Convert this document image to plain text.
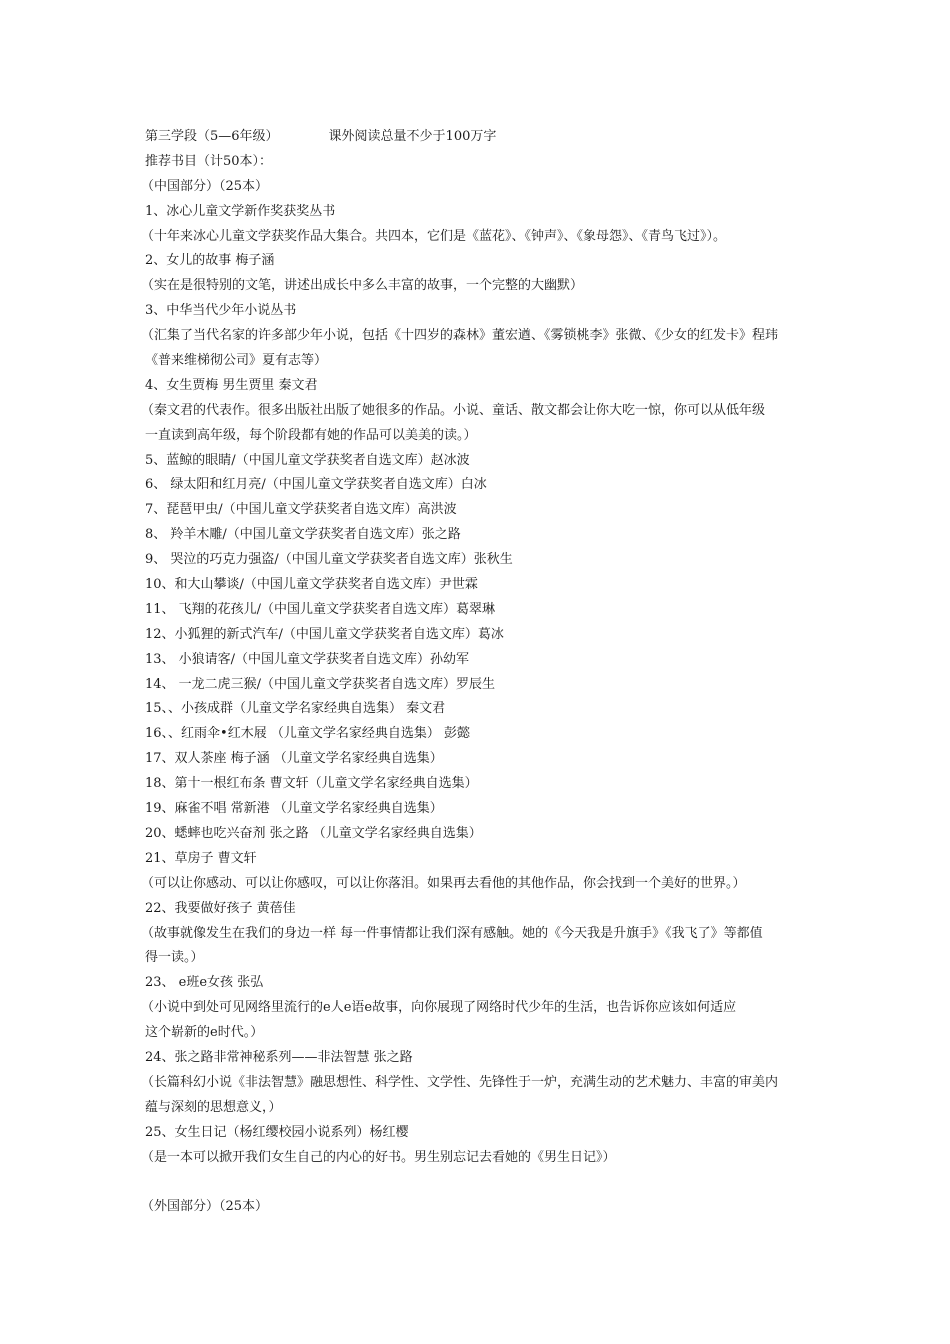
第三学段（5—6年级）	课外阅读总量不少于100万字
推荐书目（计50本）：
（中国部分）（25本）
1、冰心儿童文学新作奖获奖丛书
（十年来冰心儿童文学获奖作品大集合。共四本，它们是《蓝花》、《钟声》、《象母怨》、《青鸟飞过》）。
2、女儿的故事 梅子涵
（实在是很特别的文笔，讲述出成长中多么丰富的故事，一个完整的大幽默）
3、中华当代少年小说丛书
（汇集了当代名家的许多部少年小说，包括《十四岁的森林》董宏遒、《雾锁桃李》张微、《少女的红发卡》程玮
《普来维梯彻公司》夏有志等）
4、女生贾梅 男生贾里 秦文君
（秦文君的代表作。很多出版社出版了她很多的作品。小说、童话、散文都会让你大吃一惊，你可以从低年级
一直读到高年级，每个阶段都有她的作品可以美美的读。）
5、蓝鲸的眼睛/（中国儿童文学获奖者自选文库）赵冰波
6、 绿太阳和红月亮/（中国儿童文学获奖者自选文库）白冰
7、琵琶甲虫/（中国儿童文学获奖者自选文库）高洪波
8、 羚羊木雕/（中国儿童文学获奖者自选文库）张之路
9、 哭泣的巧克力强盗/（中国儿童文学获奖者自选文库）张秋生
10、和大山攀谈/（中国儿童文学获奖者自选文库）尹世霖
11、 飞翔的花孩儿/（中国儿童文学获奖者自选文库）葛翠琳
12、小狐狸的新式汽车/（中国儿童文学获奖者自选文库）葛冰
13、 小狼请客/（中国儿童文学获奖者自选文库）孙幼军
14、 一龙二虎三猴/（中国儿童文学获奖者自选文库）罗辰生
15、、小孩成群（儿童文学名家经典自选集） 秦文君
16、、红雨伞•红木屐 （儿童文学名家经典自选集） 彭懿
17、双人茶座 梅子涵 （儿童文学名家经典自选集）
18、第十一根红布条 曹文轩（儿童文学名家经典自选集）
19、麻雀不唱 常新港 （儿童文学名家经典自选集）
20、蟋蟀也吃兴奋剂 张之路 （儿童文学名家经典自选集）
21、草房子 曹文轩
（可以让你感动、可以让你感叹，可以让你落泪。如果再去看他的其他作品，你会找到一个美好的世界。）
22、我要做好孩子 黄蓓佳
（故事就像发生在我们的身边一样 每一件事情都让我们深有感触。她的《今天我是升旗手》《我飞了》等都值
得一读。）
23、 e班e女孩 张弘
（小说中到处可见网络里流行的e人e语e故事，向你展现了网络时代少年的生活，也告诉你应该如何适应
这个崭新的e时代。）
24、张之路非常神秘系列——非法智慧 张之路
（长篇科幻小说《非法智慧》融思想性、科学性、文学性、先锋性于一炉，充满生动的艺术魅力、丰富的审美内
蕴与深刻的思想意义，）
25、女生日记（杨红缨校园小说系列）杨红樱
（是一本可以掀开我们女生自己的内心的好书。男生别忘记去看她的《男生日记》）
（外国部分）（25本）
